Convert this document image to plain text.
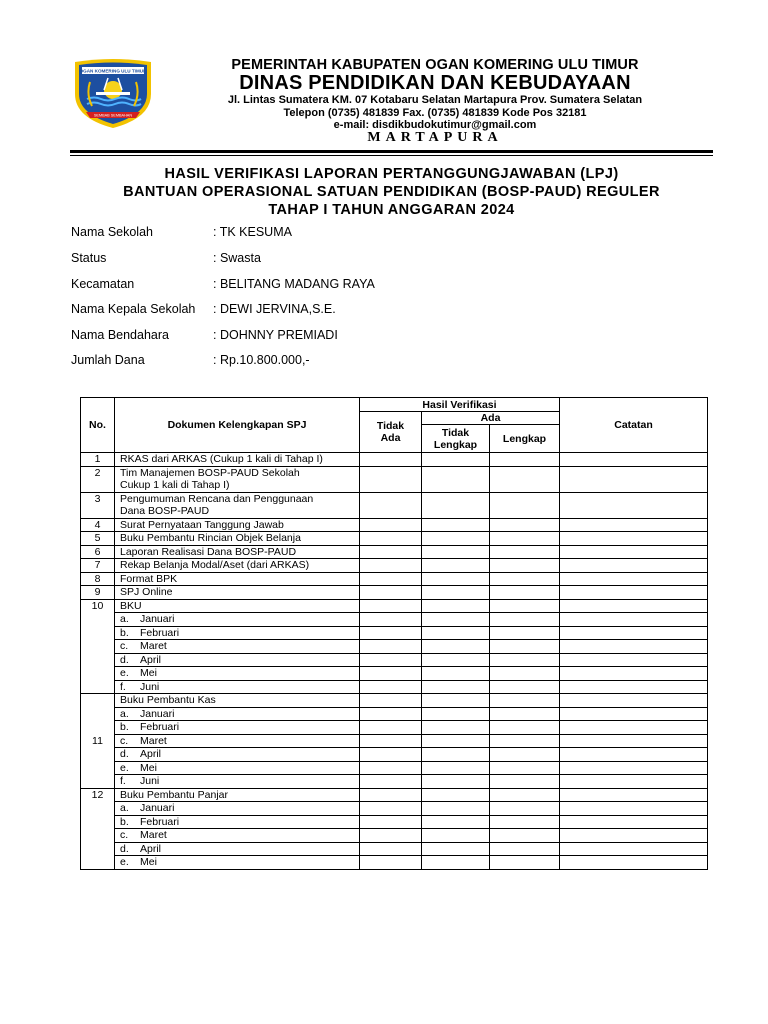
OGAN KOMERING ULU TIMUR
SEMBAB SEMBAHAN
PEMERINTAH KABUPATEN OGAN KOMERING ULU TIMUR
DINAS PENDIDIKAN DAN KEBUDAYAAN
Jl. Lintas Sumatera KM. 07 Kotabaru Selatan Martapura Prov. Sumatera Selatan
Telepon (0735) 481839 Fax. (0735) 481839 Kode Pos 32181
e-mail: disdikbudokutimur@gmail.com
MARTAPURA
HASIL VERIFIKASI LAPORAN PERTANGGUNGJAWABAN (LPJ)
BANTUAN OPERASIONAL SATUAN PENDIDIKAN (BOSP-PAUD) REGULER
TAHAP I TAHUN ANGGARAN 2024
Nama Sekolah	: TK KESUMA
Status	: Swasta
Kecamatan	: BELITANG MADANG RAYA
Nama Kepala Sekolah : DEWI JERVINA,S.E.
Nama Bendahara	: DOHNNY PREMIADI
Jumlah Dana	: Rp.10.800.000,-
No.	Dokumen Kelengkapan SPJ	Hasil Verifikasi			Catatan
		Tidak Ada	Ada		
			Tidak Lengkap	Lengkap	
1	RKAS dari ARKAS (Cukup 1 kali di Tahap I)				

2	Tim Manajemen BOSP-PAUD Sekolah
Cukup 1 kali di Tahap I)				

3	Pengumuman Rencana dan Penggunaan
Dana BOSP-PAUD				

4	Surat Pernyataan Tanggung Jawab				

5	Buku Pembantu Rincian Objek Belanja				

6	Laporan Realisasi Dana BOSP-PAUD				

7	Rekap Belanja Modal/Aset (dari ARKAS)				

8	Format BPK				

9	SPJ Online				

10	BKU				
	a. Januari				
	b. Februari				
	c. Maret				
	d. April				
	e. Mei				
	f. Juni				
11	Buku Pembantu Kas				
	a. Januari				
	b. Februari				
	c. Maret				
	d. April				
	e. Mei				
	f. Juni				
12	Buku Pembantu Panjar				
	a. Januari				
	b. Februari				
	c. Maret				
	d. April				
	e. Mei				
